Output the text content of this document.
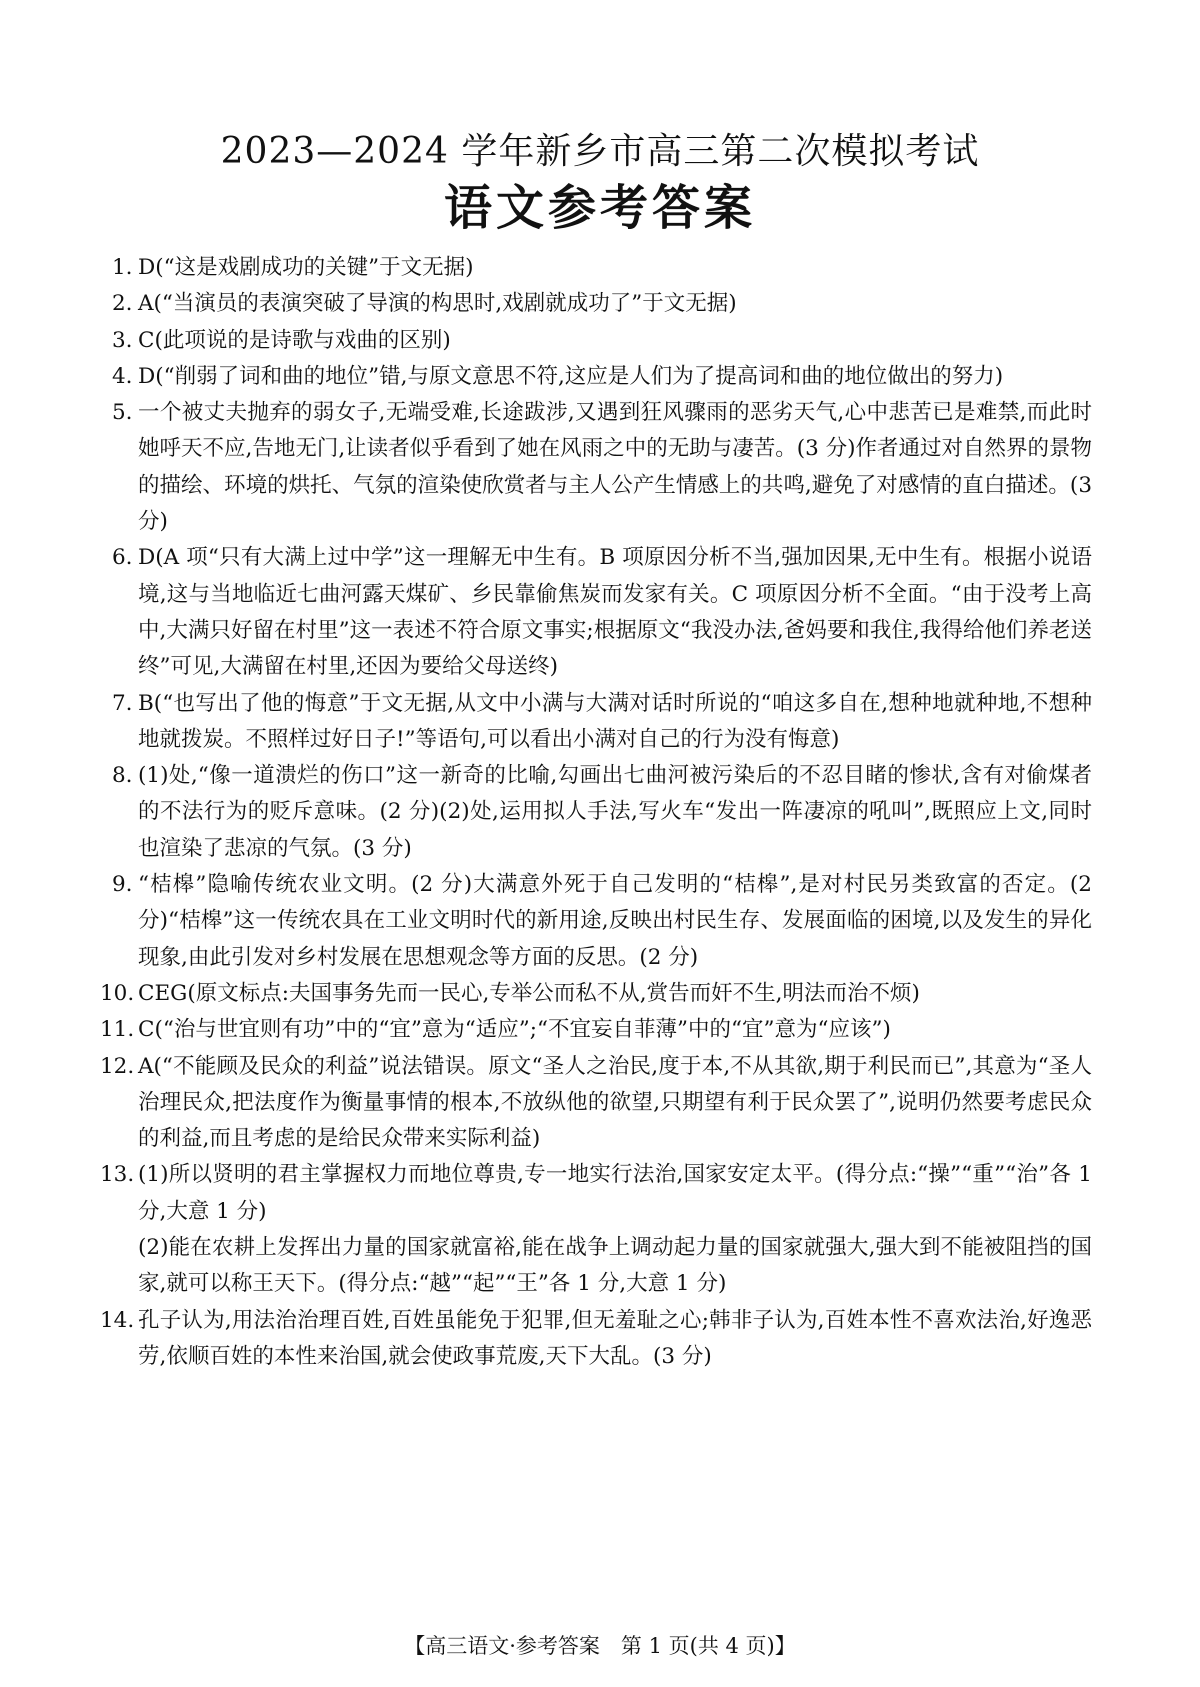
2023—2024 学年新乡市高三第二次模拟考试
语文参考答案
1. D(“这是戏剧成功的关键”于文无据)
2. A(“当演员的表演突破了导演的构思时,戏剧就成功了”于文无据)
3. C(此项说的是诗歌与戏曲的区别)
4. D(“削弱了词和曲的地位”错,与原文意思不符,这应是人们为了提高词和曲的地位做出的努力)
5. 一个被丈夫抛弃的弱女子,无端受难,长途跋涉,又遇到狂风骤雨的恶劣天气,心中悲苦已是难禁,而此时她呼天不应,告地无门,让读者似乎看到了她在风雨之中的无助与凄苦。(3 分)作者通过对自然界的景物的描绘、环境的烘托、气氛的渲染使欣赏者与主人公产生情感上的共鸣,避免了对感情的直白描述。(3 分)
6. D(A 项“只有大满上过中学”这一理解无中生有。B 项原因分析不当,强加因果,无中生有。根据小说语境,这与当地临近七曲河露天煤矿、乡民靠偷焦炭而发家有关。C 项原因分析不全面。“由于没考上高中,大满只好留在村里”这一表述不符合原文事实;根据原文“我没办法,爸妈要和我住,我得给他们养老送终”可见,大满留在村里,还因为要给父母送终)
7. B(“也写出了他的悔意”于文无据,从文中小满与大满对话时所说的“咱这多自在,想种地就种地,不想种地就拨炭。不照样过好日子!”等语句,可以看出小满对自己的行为没有悔意)
8. (1)处,“像一道溃烂的伤口”这一新奇的比喻,勾画出七曲河被污染后的不忍目睹的惨状,含有对偷煤者的不法行为的贬斥意味。(2 分)(2)处,运用拟人手法,写火车“发出一阵凄凉的吼叫”,既照应上文,同时也渲染了悲凉的气氛。(3 分)
9. “桔槔”隐喻传统农业文明。(2 分)大满意外死于自己发明的“桔槔”,是对村民另类致富的否定。(2 分)“桔槔”这一传统农具在工业文明时代的新用途,反映出村民生存、发展面临的困境,以及发生的异化现象,由此引发对乡村发展在思想观念等方面的反思。(2 分)
10. CEG(原文标点:夫国事务先而一民心,专举公而私不从,赏告而奸不生,明法而治不烦)
11. C(“治与世宜则有功”中的“宜”意为“适应”;“不宜妄自菲薄”中的“宜”意为“应该”)
12. A(“不能顾及民众的利益”说法错误。原文“圣人之治民,度于本,不从其欲,期于利民而已”,其意为“圣人治理民众,把法度作为衡量事情的根本,不放纵他的欲望,只期望有利于民众罢了”,说明仍然要考虑民众的利益,而且考虑的是给民众带来实际利益)
13. (1)所以贤明的君主掌握权力而地位尊贵,专一地实行法治,国家安定太平。(得分点:“操”“重”“治”各 1 分,大意 1 分)
(2)能在农耕上发挥出力量的国家就富裕,能在战争上调动起力量的国家就强大,强大到不能被阻挡的国家,就可以称王天下。(得分点:“越”“起”“王”各 1 分,大意 1 分)
14. 孔子认为,用法治治理百姓,百姓虽能免于犯罪,但无羞耻之心;韩非子认为,百姓本性不喜欢法治,好逸恶劳,依顺百姓的本性来治国,就会使政事荒废,天下大乱。(3 分)
【高三语文·参考答案　第 1 页(共 4 页)】
